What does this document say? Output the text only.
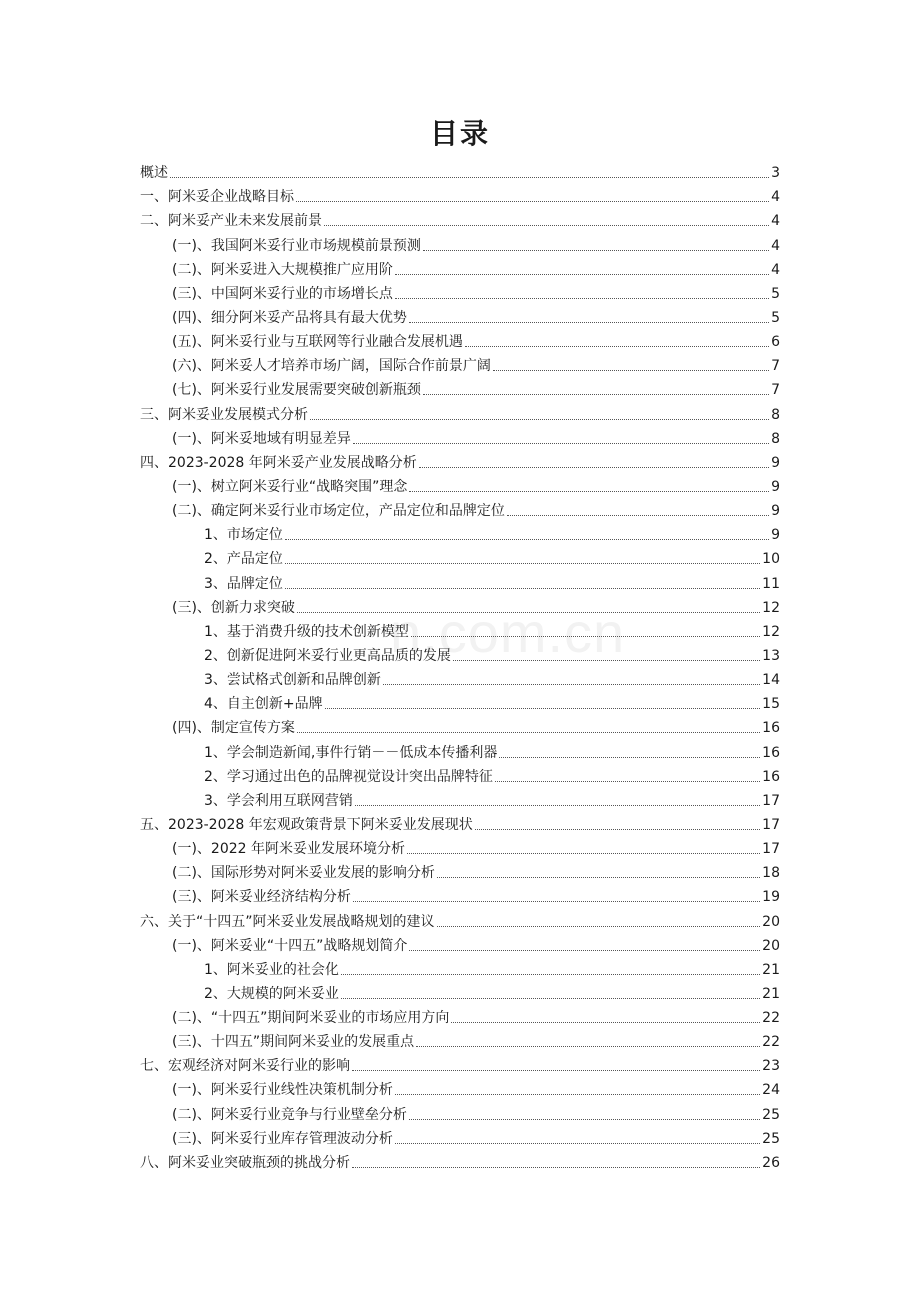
目录
n.com.cn
概述	3
一、阿米妥企业战略目标	4
二、阿米妥产业未来发展前景	4
(一)、我国阿米妥行业市场规模前景预测	4
(二)、阿米妥进入大规模推广应用阶	4
(三)、中国阿米妥行业的市场增长点	5
(四)、细分阿米妥产品将具有最大优势	5
(五)、阿米妥行业与互联网等行业融合发展机遇	6
(六)、阿米妥人才培养市场广阔，国际合作前景广阔	7
(七)、阿米妥行业发展需要突破创新瓶颈	7
三、阿米妥业发展模式分析	8
(一)、阿米妥地域有明显差异	8
四、2023-2028 年阿米妥产业发展战略分析	9
(一)、树立阿米妥行业“战略突围”理念	9
(二)、确定阿米妥行业市场定位，产品定位和品牌定位	9
1、市场定位	9
2、产品定位	10
3、品牌定位	11
(三)、创新力求突破	12
1、基于消费升级的技术创新模型	12
2、创新促进阿米妥行业更高品质的发展	13
3、尝试格式创新和品牌创新	14
4、自主创新+品牌	15
(四)、制定宣传方案	16
1、学会制造新闻,事件行销－－低成本传播利器	16
2、学习通过出色的品牌视觉设计突出品牌特征	16
3、学会利用互联网营销	17
五、2023-2028 年宏观政策背景下阿米妥业发展现状	17
(一)、2022 年阿米妥业发展环境分析	17
(二)、国际形势对阿米妥业发展的影响分析	18
(三)、阿米妥业经济结构分析	19
六、关于“十四五”阿米妥业发展战略规划的建议	20
(一)、阿米妥业“十四五”战略规划简介	20
1、阿米妥业的社会化	21
2、大规模的阿米妥业	21
(二)、“十四五”期间阿米妥业的市场应用方向	22
(三)、十四五”期间阿米妥业的发展重点	22
七、宏观经济对阿米妥行业的影响	23
(一)、阿米妥行业线性决策机制分析	24
(二)、阿米妥行业竞争与行业壁垒分析	25
(三)、阿米妥行业库存管理波动分析	25
八、阿米妥业突破瓶颈的挑战分析	26
